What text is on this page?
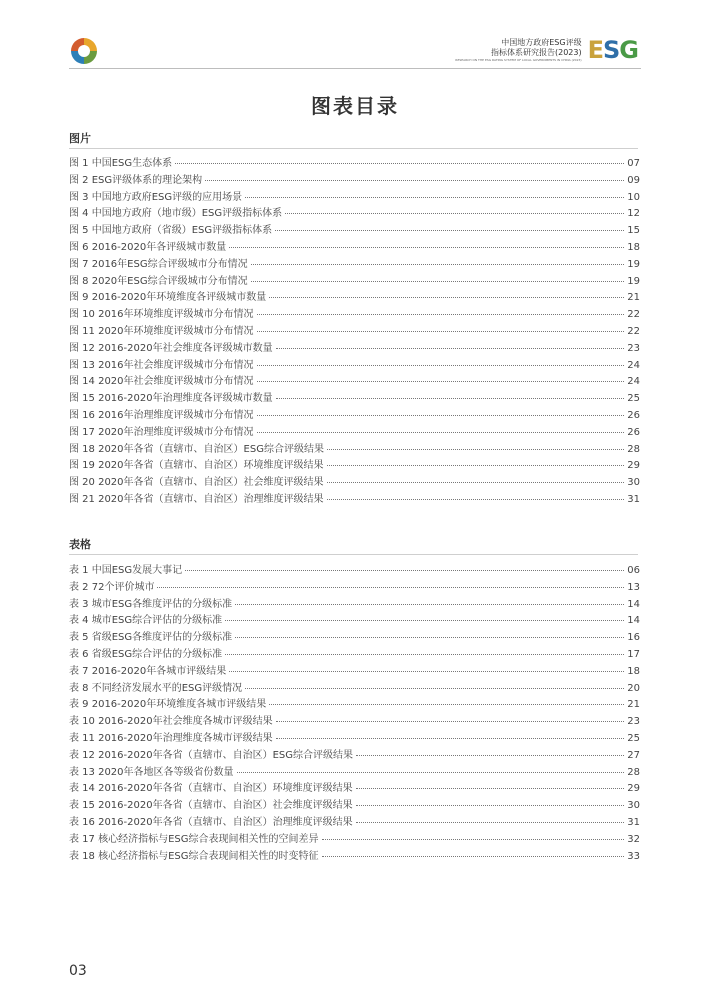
中国地方政府ESG评级
指标体系研究报告(2023)
RESEARCH ON THE ESG RATING SYSTEM OF LOCAL GOVERNMENTS IN CHINA (2023) ESG
图表目录
图片
图 1 中国ESG生态体系	07
图 2 ESG评级体系的理论架构	09
图 3 中国地方政府ESG评级的应用场景	10
图 4 中国地方政府（地市级）ESG评级指标体系	12
图 5 中国地方政府（省级）ESG评级指标体系	15
图 6 2016-2020年各评级城市数量	18
图 7 2016年ESG综合评级城市分布情况	19
图 8 2020年ESG综合评级城市分布情况	19
图 9 2016-2020年环境维度各评级城市数量	21
图 10 2016年环境维度评级城市分布情况	22
图 11 2020年环境维度评级城市分布情况	22
图 12 2016-2020年社会维度各评级城市数量	23
图 13 2016年社会维度评级城市分布情况	24
图 14 2020年社会维度评级城市分布情况	24
图 15 2016-2020年治理维度各评级城市数量	25
图 16 2016年治理维度评级城市分布情况	26
图 17 2020年治理维度评级城市分布情况	26
图 18 2020年各省（直辖市、自治区）ESG综合评级结果	28
图 19 2020年各省（直辖市、自治区）环境维度评级结果	29
图 20 2020年各省（直辖市、自治区）社会维度评级结果	30
图 21 2020年各省（直辖市、自治区）治理维度评级结果	31
表格
表 1 中国ESG发展大事记	06
表 2 72个评价城市	13
表 3 城市ESG各维度评估的分级标准	14
表 4 城市ESG综合评估的分级标准	14
表 5 省级ESG各维度评估的分级标准	16
表 6 省级ESG综合评估的分级标准	17
表 7 2016-2020年各城市评级结果	18
表 8 不同经济发展水平的ESG评级情况	20
表 9 2016-2020年环境维度各城市评级结果	21
表 10 2016-2020年社会维度各城市评级结果	23
表 11 2016-2020年治理维度各城市评级结果	25
表 12 2016-2020年各省（直辖市、自治区）ESG综合评级结果	27
表 13 2020年各地区各等级省份数量	28
表 14 2016-2020年各省（直辖市、自治区）环境维度评级结果	29
表 15 2016-2020年各省（直辖市、自治区）社会维度评级结果	30
表 16 2016-2020年各省（直辖市、自治区）治理维度评级结果	31
表 17 核心经济指标与ESG综合表现间相关性的空间差异	32
表 18 核心经济指标与ESG综合表现间相关性的时变特征	33
03
